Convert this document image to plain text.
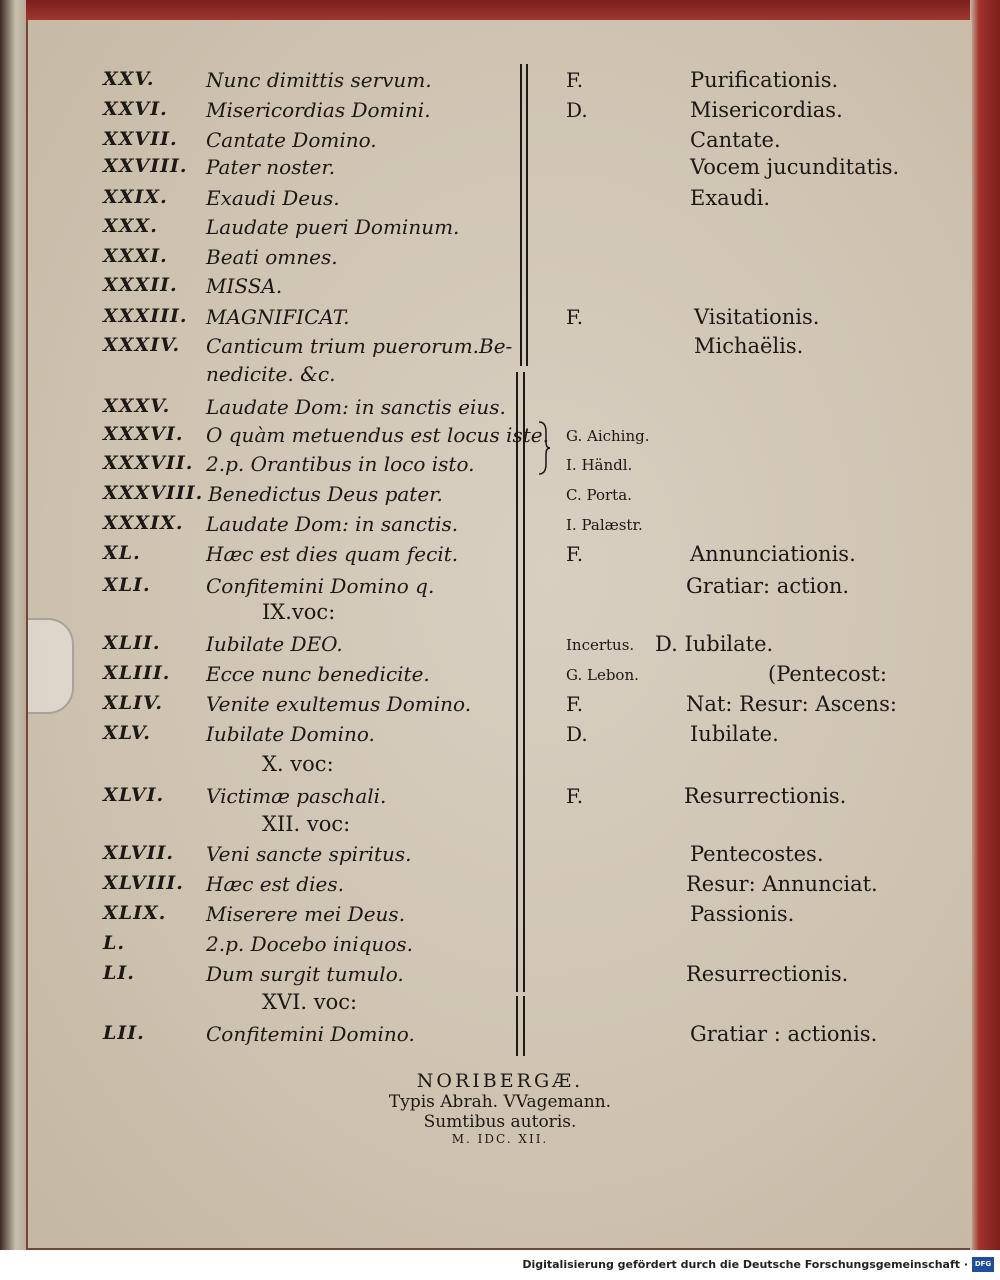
XXV.	Nunc dimittis servum.	F.	Purificationis.
XXVI. Misericordias Domini.	D.	Misericordias.
XXVII. Cantate Domino.	Cantate.
XXVIII. Pater noster.	Vocem jucunditatis.
XXIX. Exaudi Deus.	Exaudi.
XXX. Laudate pueri Dominum.
XXXI. Beati omnes.
XXXII. MISSA.
XXXIII. MAGNIFICAT.	F.	Visitationis.
XXXIV. Canticum trium puerorum.Be-	Michaëlis.
nedicite. &c.
XXXV. Laudate Dom: in sanctis eius.
XXXVI. O quàm metuendus est locus iste. G. Aiching.
XXXVII. 2.p. Orantibus in loco isto.	I. Händl.
XXXVIII. Benedictus Deus pater.	C. Porta.
XXXIX. Laudate Dom: in sanctis.	I. Palæstr.
XL.	Hæc est dies quam fecit.	F.	Annunciationis.
XLI.	Confitemini Domino q.	Gratiar: action.
IX.voc:
XLII. Iubilate DEO.	Incertus. D. Iubilate.
XLIII. Ecce nunc benedicite.	G. Lebon.	(Pentecost:
XLIV. Venite exultemus Domino.	F.	Nat: Resur: Ascens:
XLV.	Iubilate Domino.	D.	Iubilate.
X. voc:
XLVI. Victimæ paschali.	F.	Resurrectionis.
XII. voc:
XLVII. Veni sancte spiritus.	Pentecostes.
XLVIII. Hæc est dies.	Resur: Annunciat.
XLIX. Miserere mei Deus.	Passionis.
L.	2.p. Docebo iniquos.
LI.	Dum surgit tumulo.	Resurrectionis.
XVI. voc:
LII.	Confitemini Domino.	Gratiar : actionis.
NORIBERGÆ.
Typis Abrah. VVagemann.
Sumtibus autoris.
M. IDC. XII.
Digitalisierung gefördert durch die Deutsche Forschungsgemeinschaft · DFG
